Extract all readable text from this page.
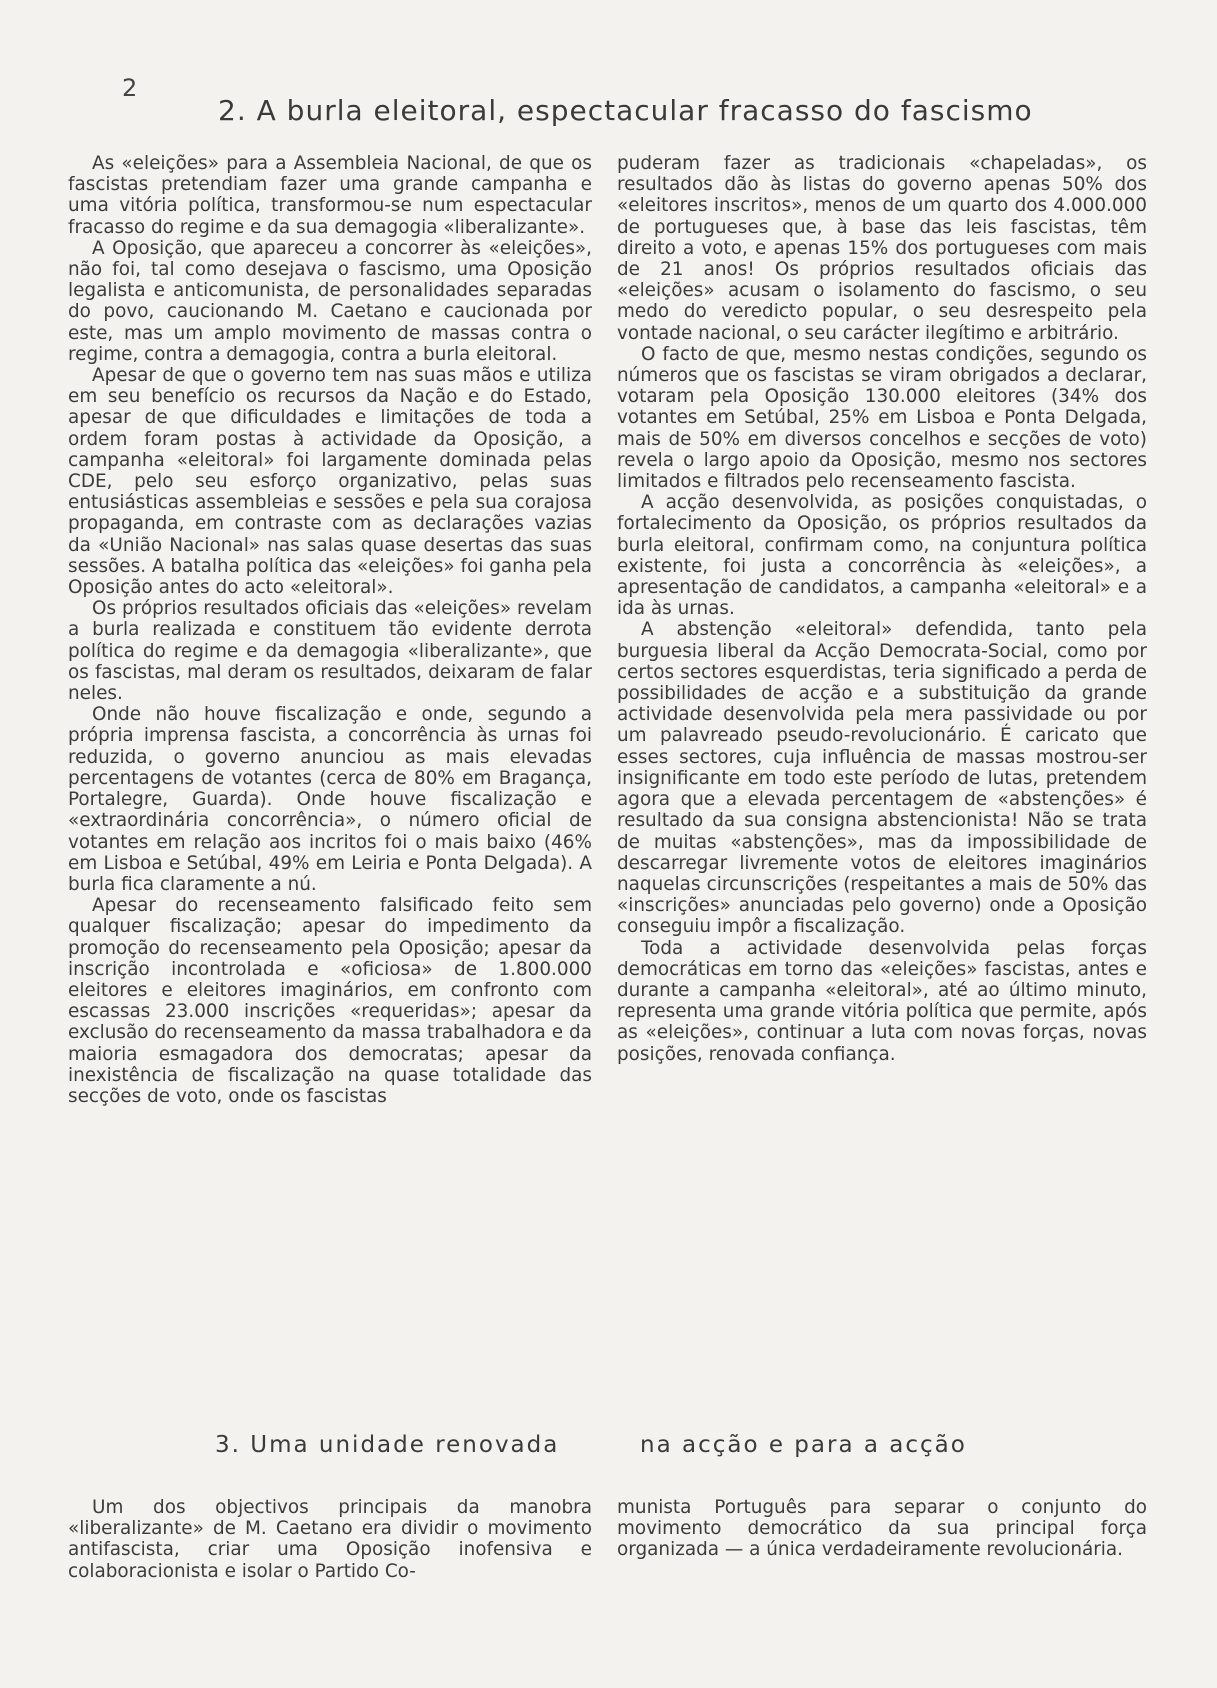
2
2. A burla eleitoral, espectacular fracasso do fascismo

As «eleições» para a Assembleia Nacional, de que os fascistas pretendiam fazer uma grande campanha e uma vitória política, transformou-se num espectacular fracasso do regime e da sua demagogia «liberalizante».

A Oposição, que apareceu a concorrer às «eleições», não foi, tal como desejava o fascismo, uma Oposição legalista e anticomunista, de personalidades separadas do povo, caucionando M. Caetano e caucionada por este, mas um amplo movimento de massas contra o regime, contra a demagogia, contra a burla eleitoral.

Apesar de que o governo tem nas suas mãos e utiliza em seu benefício os recursos da Nação e do Estado, apesar de que dificuldades e limitações de toda a ordem foram postas à actividade da Oposição, a campanha «eleitoral» foi largamente dominada pelas CDE, pelo seu esforço organizativo, pelas suas entusiásticas assembleias e sessões e pela sua corajosa propaganda, em contraste com as declarações vazias da «União Nacional» nas salas quase desertas das suas sessões. A batalha política das «eleições» foi ganha pela Oposição antes do acto «eleitoral».

Os próprios resultados oficiais das «eleições» revelam a burla realizada e constituem tão evidente derrota política do regime e da demagogia «liberalizante», que os fascistas, mal deram os resultados, deixaram de falar neles.

Onde não houve fiscalização e onde, segundo a própria imprensa fascista, a concorrência às urnas foi reduzida, o governo anunciou as mais elevadas percentagens de votantes (cerca de 80% em Bragança, Portalegre, Guarda). Onde houve fiscalização e «extraordinária concorrência», o número oficial de votantes em relação aos incritos foi o mais baixo (46% em Lisboa e Setúbal, 49% em Leiria e Ponta Delgada). A burla fica claramente a nú.

Apesar do recenseamento falsificado feito sem qualquer fiscalização; apesar do impedimento da promoção do recenseamento pela Oposição; apesar da inscrição incontrolada e «oficiosa» de 1.800.000 eleitores e eleitores imaginários, em confronto com escassas 23.000 inscrições «requeridas»; apesar da exclusão do recenseamento da massa trabalhadora e da maioria esmagadora dos democratas; apesar da inexistência de fiscalização na quase totalidade das secções de voto, onde os fascistas

puderam fazer as tradicionais «chapeladas», os resultados dão às listas do governo apenas 50% dos «eleitores inscritos», menos de um quarto dos 4.000.000 de portugueses que, à base das leis fascistas, têm direito a voto, e apenas 15% dos portugueses com mais de 21 anos! Os próprios resultados oficiais das «eleições» acusam o isolamento do fascismo, o seu medo do veredicto popular, o seu desrespeito pela vontade nacional, o seu carácter ilegítimo e arbitrário.

O facto de que, mesmo nestas condições, segundo os números que os fascistas se viram obrigados a declarar, votaram pela Oposição 130.000 eleitores (34% dos votantes em Setúbal, 25% em Lisboa e Ponta Delgada, mais de 50% em diversos concelhos e secções de voto) revela o largo apoio da Oposição, mesmo nos sectores limitados e filtrados pelo recenseamento fascista.

A acção desenvolvida, as posições conquistadas, o fortalecimento da Oposição, os próprios resultados da burla eleitoral, confirmam como, na conjuntura política existente, foi justa a concorrência às «eleições», a apresentação de candidatos, a campanha «eleitoral» e a ida às urnas.

A abstenção «eleitoral» defendida, tanto pela burguesia liberal da Acção Democrata-Social, como por certos sectores esquerdistas, teria significado a perda de possibilidades de acção e a substituição da grande actividade desenvolvida pela mera passividade ou por um palavreado pseudo-revolucionário. É caricato que esses sectores, cuja influência de massas mostrou-ser insignificante em todo este período de lutas, pretendem agora que a elevada percentagem de «abstenções» é resultado da sua consigna abstencionista! Não se trata de muitas «abstenções», mas da impossibilidade de descarregar livremente votos de eleitores imaginários naquelas circunscrições (respeitantes a mais de 50% das «inscrições» anunciadas pelo governo) onde a Oposição conseguiu impôr a fiscalização.

Toda a actividade desenvolvida pelas forças democráticas em torno das «eleições» fascistas, antes e durante a campanha «eleitoral», até ao último minuto, representa uma grande vitória política que permite, após as «eleições», continuar a luta com novas forças, novas posições, renovada confiança.

3. Uma unidade renovada	na acção e para a acção

Um dos objectivos principais da manobra «liberalizante» de M. Caetano era dividir o movimento antifascista, criar uma Oposição inofensiva e colaboracionista e isolar o Partido Co-

munista Português para separar o conjunto do movimento democrático da sua principal força organizada — a única verdadeiramente revolucionária.
